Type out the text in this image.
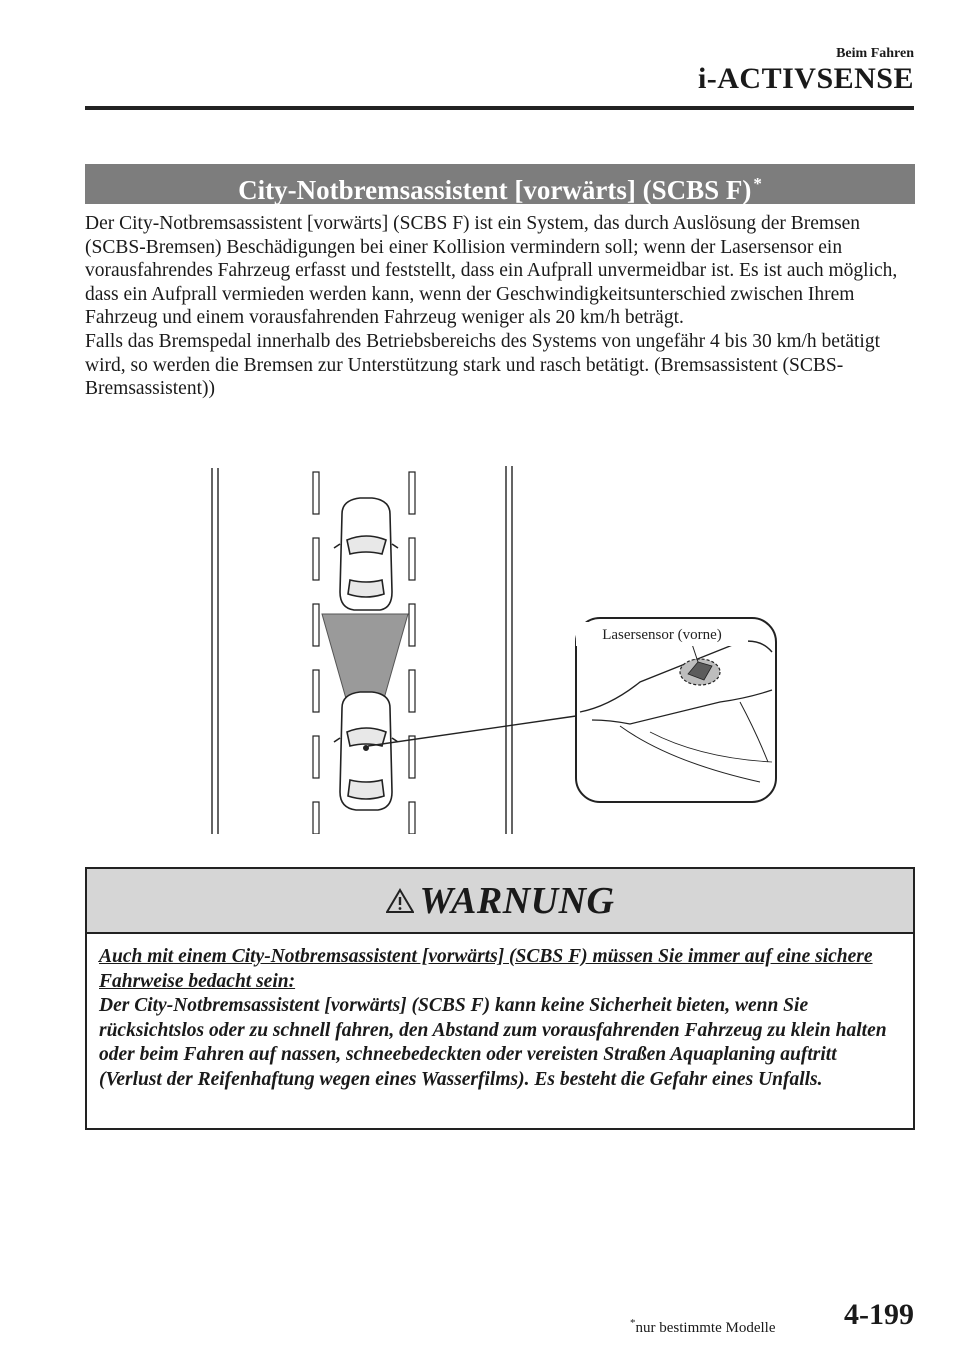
Beim Fahren
i-ACTIVSENSE
City-Notbremsassistent [vorwärts] (SCBS F) *

Der City-Notbremsassistent [vorwärts] (SCBS F) ist ein System, das durch Auslösung der Bremsen (SCBS-Bremsen) Beschädigungen bei einer Kollision vermindern soll; wenn der Lasersensor ein vorausfahrendes Fahrzeug erfasst und feststellt, dass ein Aufprall unvermeidbar ist. Es ist auch möglich, dass ein Aufprall vermieden werden kann, wenn der Geschwindigkeitsunterschied zwischen Ihrem Fahrzeug und einem vorausfahrenden Fahrzeug weniger als 20 km/h beträgt.

Falls das Bremspedal innerhalb des Betriebsbereichs des Systems von ungefähr 4 bis 30 km/h betätigt wird, so werden die Bremsen zur Unterstützung stark und rasch betätigt. (Bremsassistent (SCBS-Bremsassistent))

Lasersensor (vorne)
WARNUNG

Auch mit einem City-Notbremsassistent [vorwärts] (SCBS F) müssen Sie immer auf eine sichere Fahrweise bedacht sein:

Der City-Notbremsassistent [vorwärts] (SCBS F) kann keine Sicherheit bieten, wenn Sie rücksichtslos oder zu schnell fahren, den Abstand zum vorausfahrenden Fahrzeug zu klein halten oder beim Fahren auf nassen, schneebedeckten oder vereisten Straßen Aquaplaning auftritt (Verlust der Reifenhaftung wegen eines Wasserfilms). Es besteht die Gefahr eines Unfalls.

*nur bestimmte Modelle 4-199
